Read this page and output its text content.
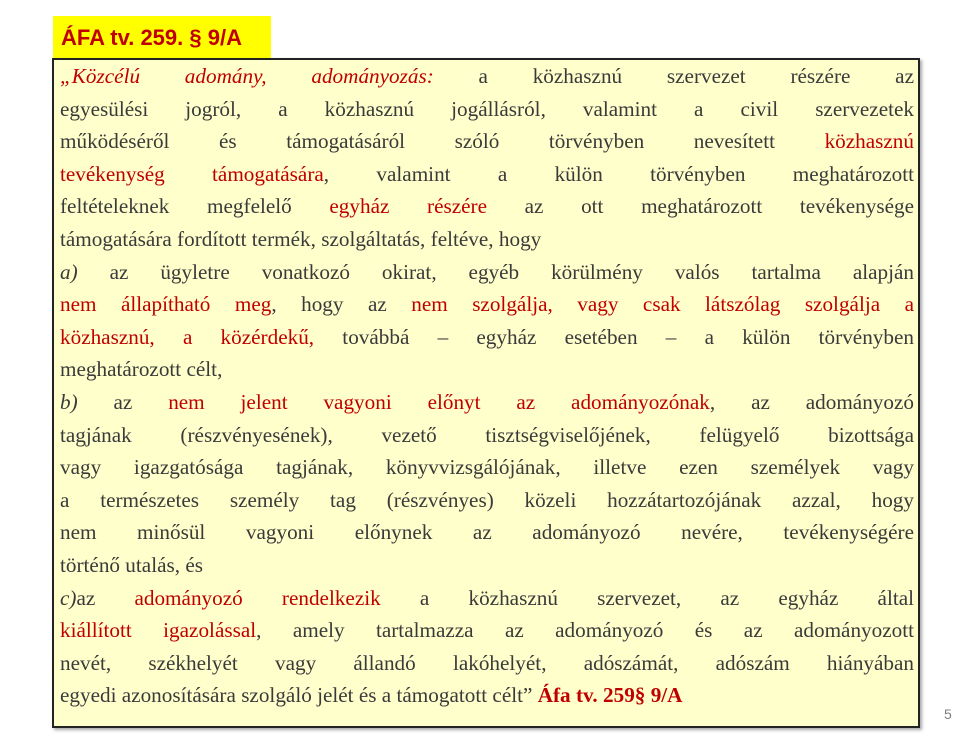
ÁFA tv. 259. § 9/A

„Közcélú adomány, adományozás: a közhasznú szervezet részére az

egyesülési jogról, a közhasznú jogállásról, valamint a civil szervezetek

működéséről és támogatásáról szóló törvényben nevesített közhasznú

tevékenység támogatására, valamint a külön törvényben meghatározott

feltételeknek megfelelő egyház részére az ott meghatározott tevékenysége

támogatására fordított termék, szolgáltatás, feltéve, hogy

a) az ügyletre vonatkozó okirat, egyéb körülmény valós tartalma alapján

nem állapítható meg, hogy az nem szolgálja, vagy csak látszólag szolgálja a

közhasznú, a közérdekű, továbbá – egyház esetében – a külön törvényben

meghatározott célt,

b) az nem jelent vagyoni előnyt az adományozónak, az adományozó

tagjának (részvényesének), vezető tisztségviselőjének, felügyelő bizottsága

vagy igazgatósága tagjának, könyvvizsgálójának, illetve ezen személyek vagy

a természetes személy tag (részvényes) közeli hozzátartozójának azzal, hogy

nem minősül vagyoni előnynek az adományozó nevére, tevékenységére

történő utalás, és

c)az adományozó rendelkezik a közhasznú szervezet, az egyház által

kiállított igazolással, amely tartalmazza az adományozó és az adományozott

nevét, székhelyét vagy állandó lakóhelyét, adószámát, adószám hiányában

egyedi azonosítására szolgáló jelét és a támogatott célt” Áfa tv. 259§ 9/A

5
